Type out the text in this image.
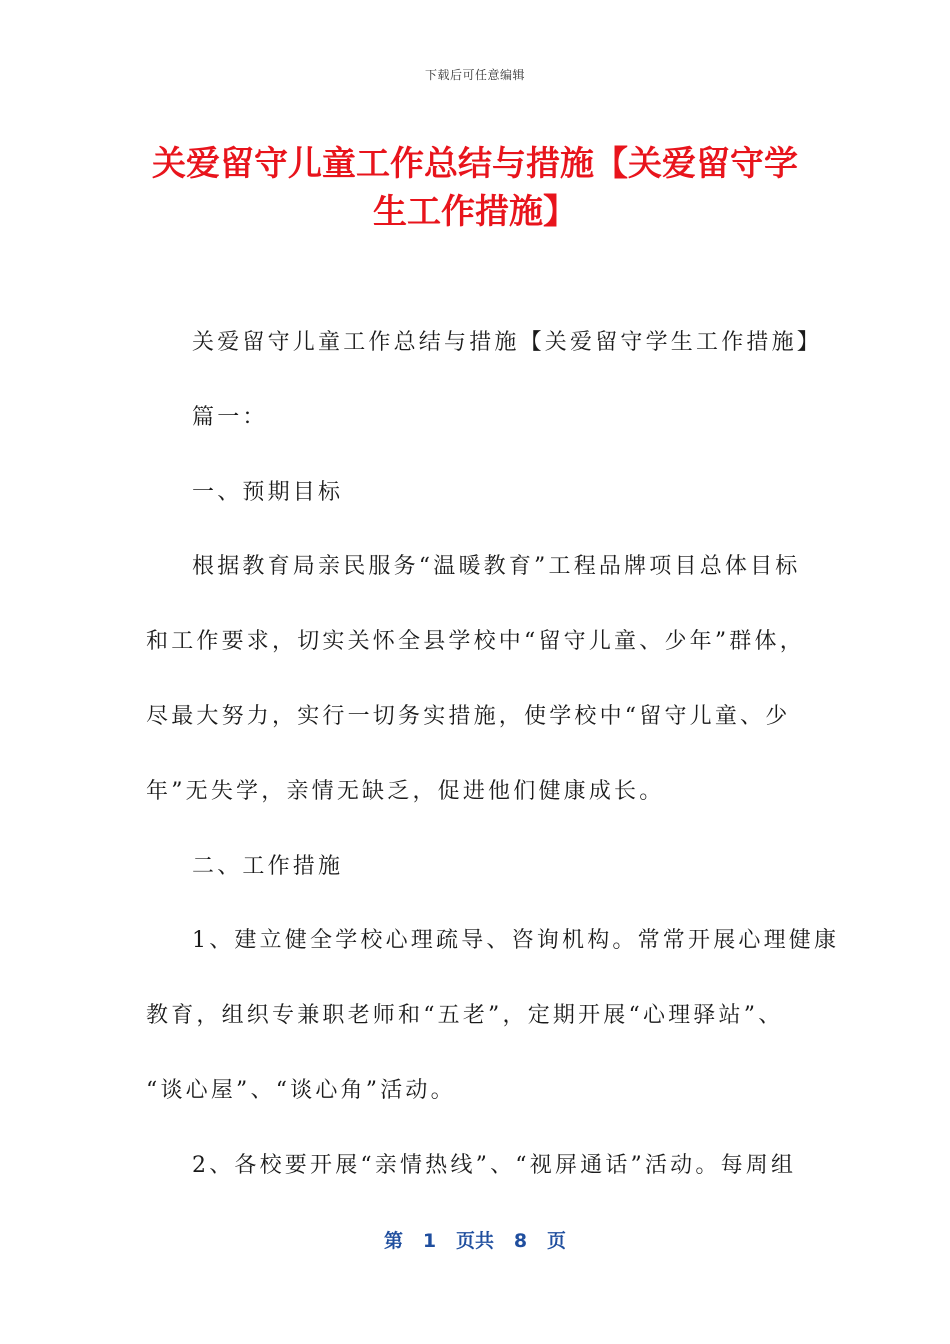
下载后可任意编辑
关爱留守儿童工作总结与措施【关爱留守学
生工作措施】

关爱留守儿童工作总结与措施【关爱留守学生工作措施】

篇一：

一、预期目标

根据教育局亲民服务“温暖教育”工程品牌项目总体目标

和工作要求，切实关怀全县学校中“留守儿童、少年”群体，

尽最大努力，实行一切务实措施，使学校中“留守儿童、少

年”无失学，亲情无缺乏，促进他们健康成长。

二、工作措施

1、建立健全学校心理疏导、咨询机构。常常开展心理健康

教育，组织专兼职老师和“五老”，定期开展“心理驿站”、

“谈心屋”、“谈心角”活动。

2、各校要开展“亲情热线”、“视屏通话”活动。每周组

第 1 页共 8 页
